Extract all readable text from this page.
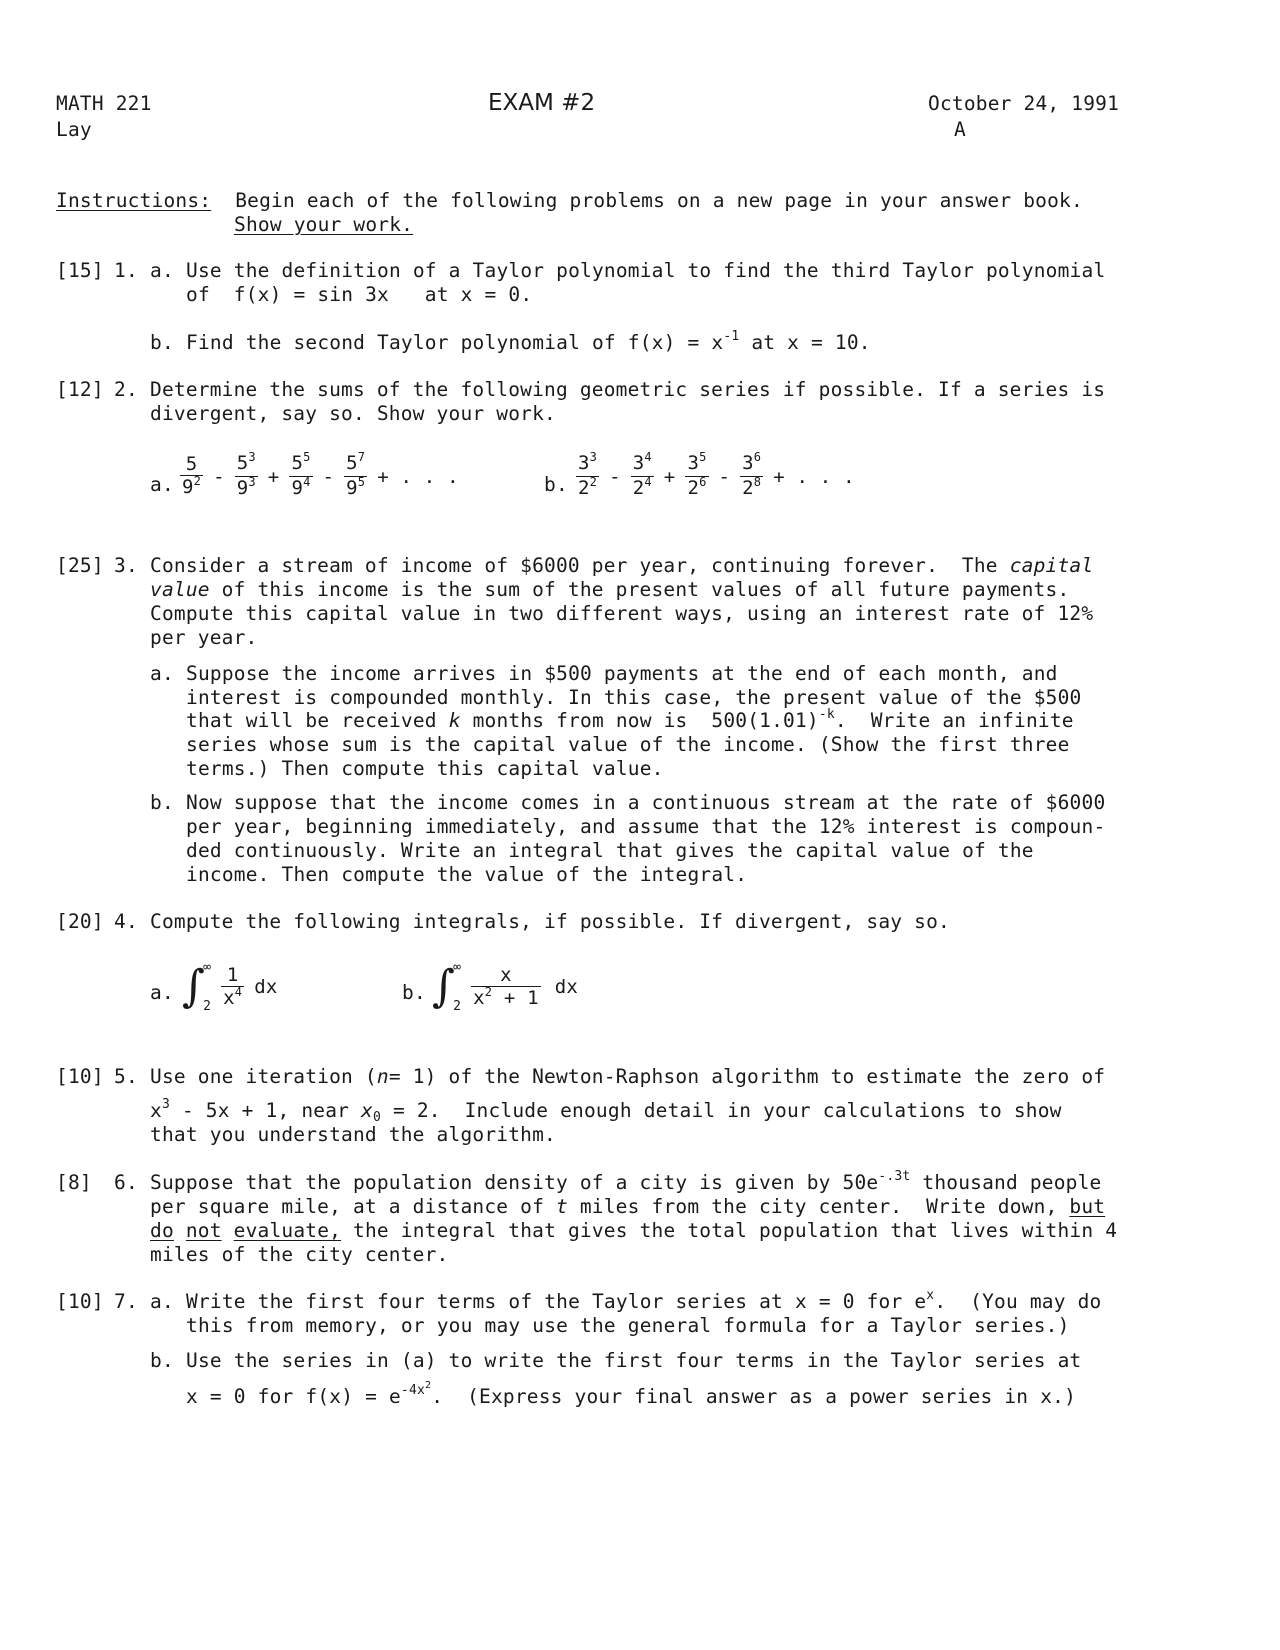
MATH 221
Lay
EXAM #2	October 24, 1991
A
Instructions: Begin each of the following problems on a new page in your answer book.
Show your work.
[15] 1. a. Use the definition of a Taylor polynomial to find the third Taylor polynomial
of  f(x) = sin 3x   at x = 0.
b. Find the second Taylor polynomial of $f(x) = x^{-1}$ at x = 10.
[12] 2. Determine the sums of the following geometric series if possible. If a series is
divergent, say so. Show your work.
a. $\frac{5}{9^2} - \frac{5^3}{9^3} + \frac{5^5}{9^4} - \frac{5^7}{9^5}$ + . . .	b. $\frac{3^3}{2^2} - \frac{3^4}{2^4} + \frac{3^5}{2^6} - \frac{3^6}{2^8}$ + . . .
[25] 3. Consider a stream of income of $6000 per year, continuing forever.  The capital
value of this income is the sum of the present values of all future payments.
Compute this capital value in two different ways, using an interest rate of 12%
per year.
a. Suppose the income arrives in $500 payments at the end of each month, and
interest is compounded monthly. In this case, the present value of the $500
that will be received k months from now is  $500(1.01)^{-k}$.  Write an infinite
series whose sum is the capital value of the income. (Show the first three
terms.) Then compute this capital value.
b. Now suppose that the income comes in a continuous stream at the rate of $6000
per year, beginning immediately, and assume that the 12% interest is compoun-
ded continuously. Write an integral that gives the capital value of the
income. Then compute the value of the integral.
[20] 4. Compute the following integrals, if possible. If divergent, say so.
a. ∫
∞
$2 \frac{1}{x^4}$ dx	b. ∫
∞
$2 \frac{x}{x^2 + 1}$ dx
[10] 5. Use one iteration (n= 1) of the Newton-Raphson algorithm to estimate the zero of
$x^3 - 5x + 1$, near $x_0 = 2$.  Include enough detail in your calculations to show
that you understand the algorithm.
[8] 6. Suppose that the population density of a city is given by $50e^{-.3t}$ thousand people
per square mile, at a distance of t miles from the city center.  Write down, but
do not evaluate, the integral that gives the total population that lives within 4
miles of the city center.
[10] 7. a. Write the first four terms of the Taylor series at x = 0 for $e^x$.  (You may do
this from memory, or you may use the general formula for a Taylor series.)
b. Use the series in (a) to write the first four terms in the Taylor series at
x = 0 for $f(x) = e^{-4x^2}$.  (Express your final answer as a power series in x.)
